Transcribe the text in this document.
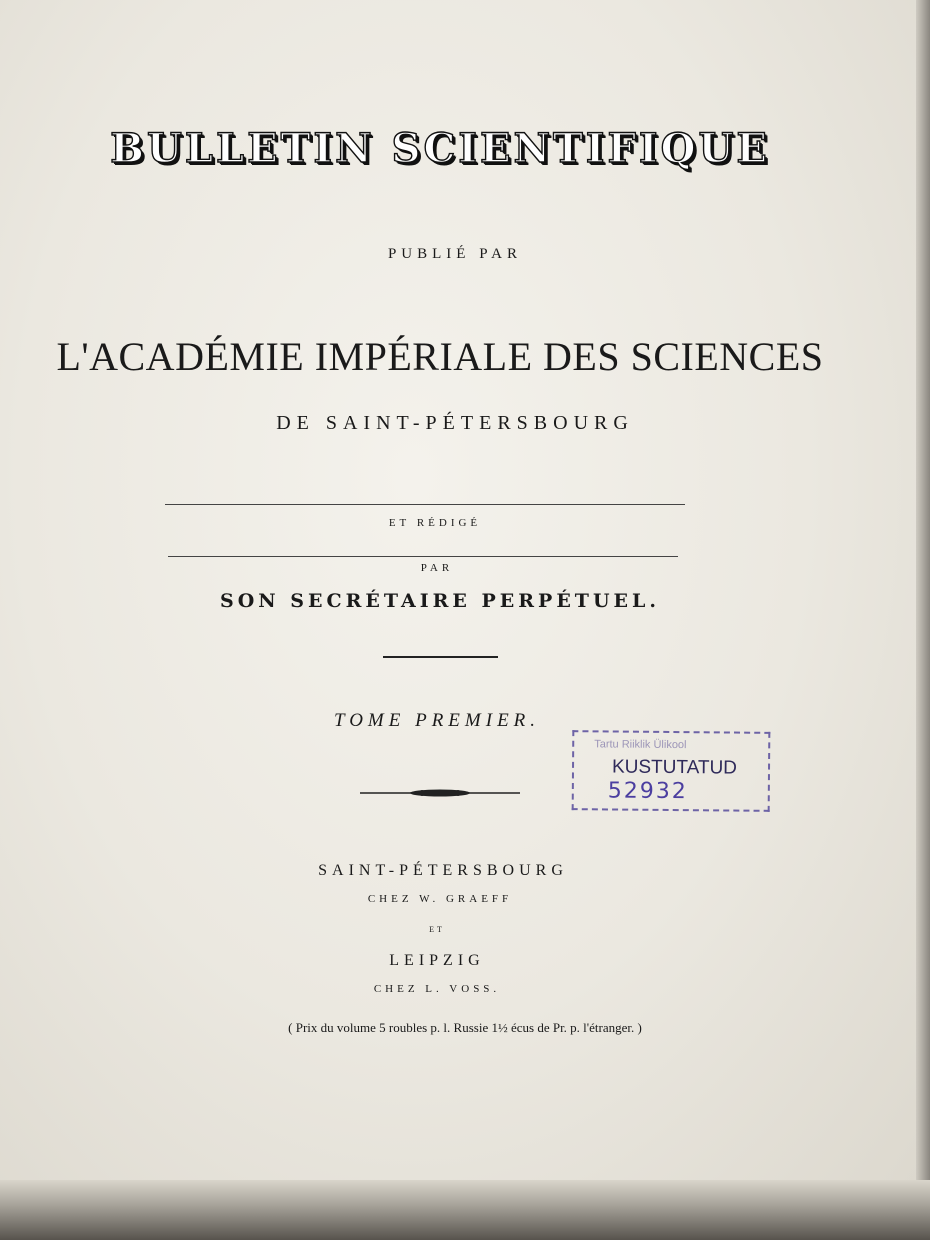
BULLETIN SCIENTIFIQUE
PUBLIÉ PAR
L'ACADÉMIE IMPÉRIALE DES SCIENCES
DE SAINT-PÉTERSBOURG
ET RÉDIGÉ
PAR
SON SECRÉTAIRE PERPÉTUEL.
TOME PREMIER.
Tartu Riiklik Ülikool
KUSTUTATUD
52932
SAINT-PÉTERSBOURG
CHEZ W. GRAEFF
ET
LEIPZIG
CHEZ L. VOSS.
( Prix du volume 5 roubles p. l. Russie 1½ écus de Pr. p. l'étranger. )
